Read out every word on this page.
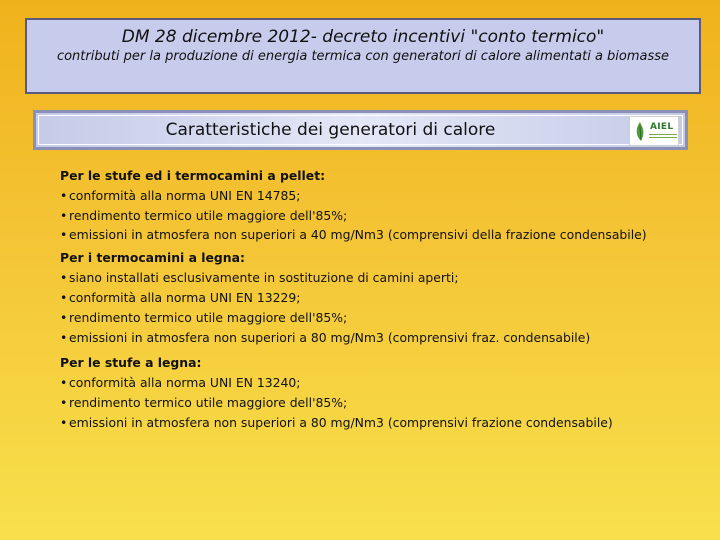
DM 28 dicembre 2012- decreto incentivi "conto termico"
contributi per la produzione di energia termica con generatori di calore alimentati a biomasse
Caratteristiche dei generatori di calore	AIEL
Per le stufe ed i termocamini a pellet:
• conformità alla norma UNI EN 14785;
• rendimento termico utile maggiore dell'85%;
• emissioni in atmosfera non superiori a 40 mg/Nm3 (comprensivi della frazione condensabile)
Per i termocamini a legna:
• siano installati esclusivamente in sostituzione di camini aperti;
• conformità alla norma UNI EN 13229;
• rendimento termico utile maggiore dell'85%;
• emissioni in atmosfera non superiori a 80 mg/Nm3 (comprensivi fraz. condensabile)
Per le stufe a legna:
• conformità alla norma UNI EN 13240;
• rendimento termico utile maggiore dell'85%;
• emissioni in atmosfera non superiori a 80 mg/Nm3 (comprensivi frazione condensabile)
